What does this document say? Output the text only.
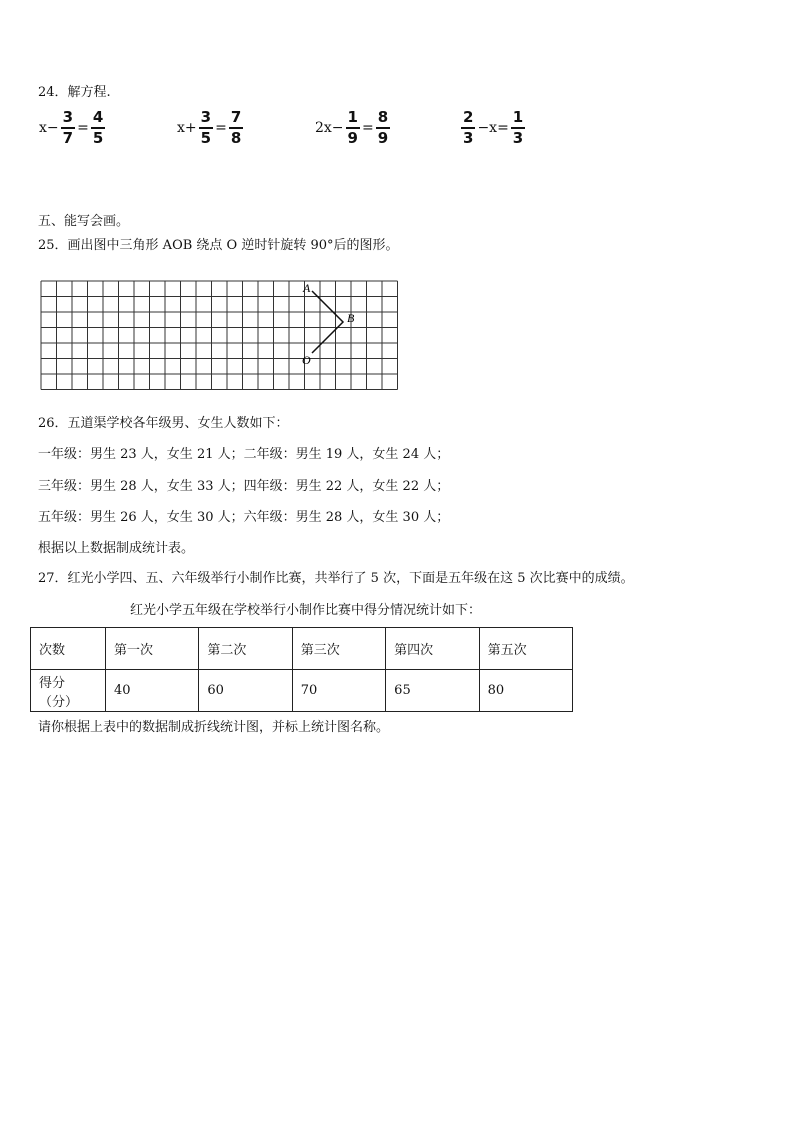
24．解方程.
$x- \frac{3}{7} = \frac{4}{5}$	$x+ \frac{3}{5} = \frac{7}{8}$	$2x- \frac{1}{9} = \frac{8}{9}$	$\frac{2}{3} -x= \frac{1}{3}$
五、能写会画。
25．画出图中三角形 AOB 绕点 O 逆时针旋转 90°后的图形。
A
B
O
26．五道渠学校各年级男、女生人数如下：
一年级：男生 23 人，女生 21 人；二年级：男生 19 人，女生 24 人；
三年级：男生 28 人，女生 33 人；四年级：男生 22 人，女生 22 人；
五年级：男生 26 人，女生 30 人；六年级：男生 28 人，女生 30 人；
根据以上数据制成统计表。
27．红光小学四、五、六年级举行小制作比赛，共举行了 5 次，下面是五年级在这 5 次比赛中的成绩。
红光小学五年级在学校举行小制作比赛中得分情况统计如下：
次数	第一次	第二次	第三次	第四次	第五次
得分（分）	40	60	70	65	80
请你根据上表中的数据制成折线统计图，并标上统计图名称。
